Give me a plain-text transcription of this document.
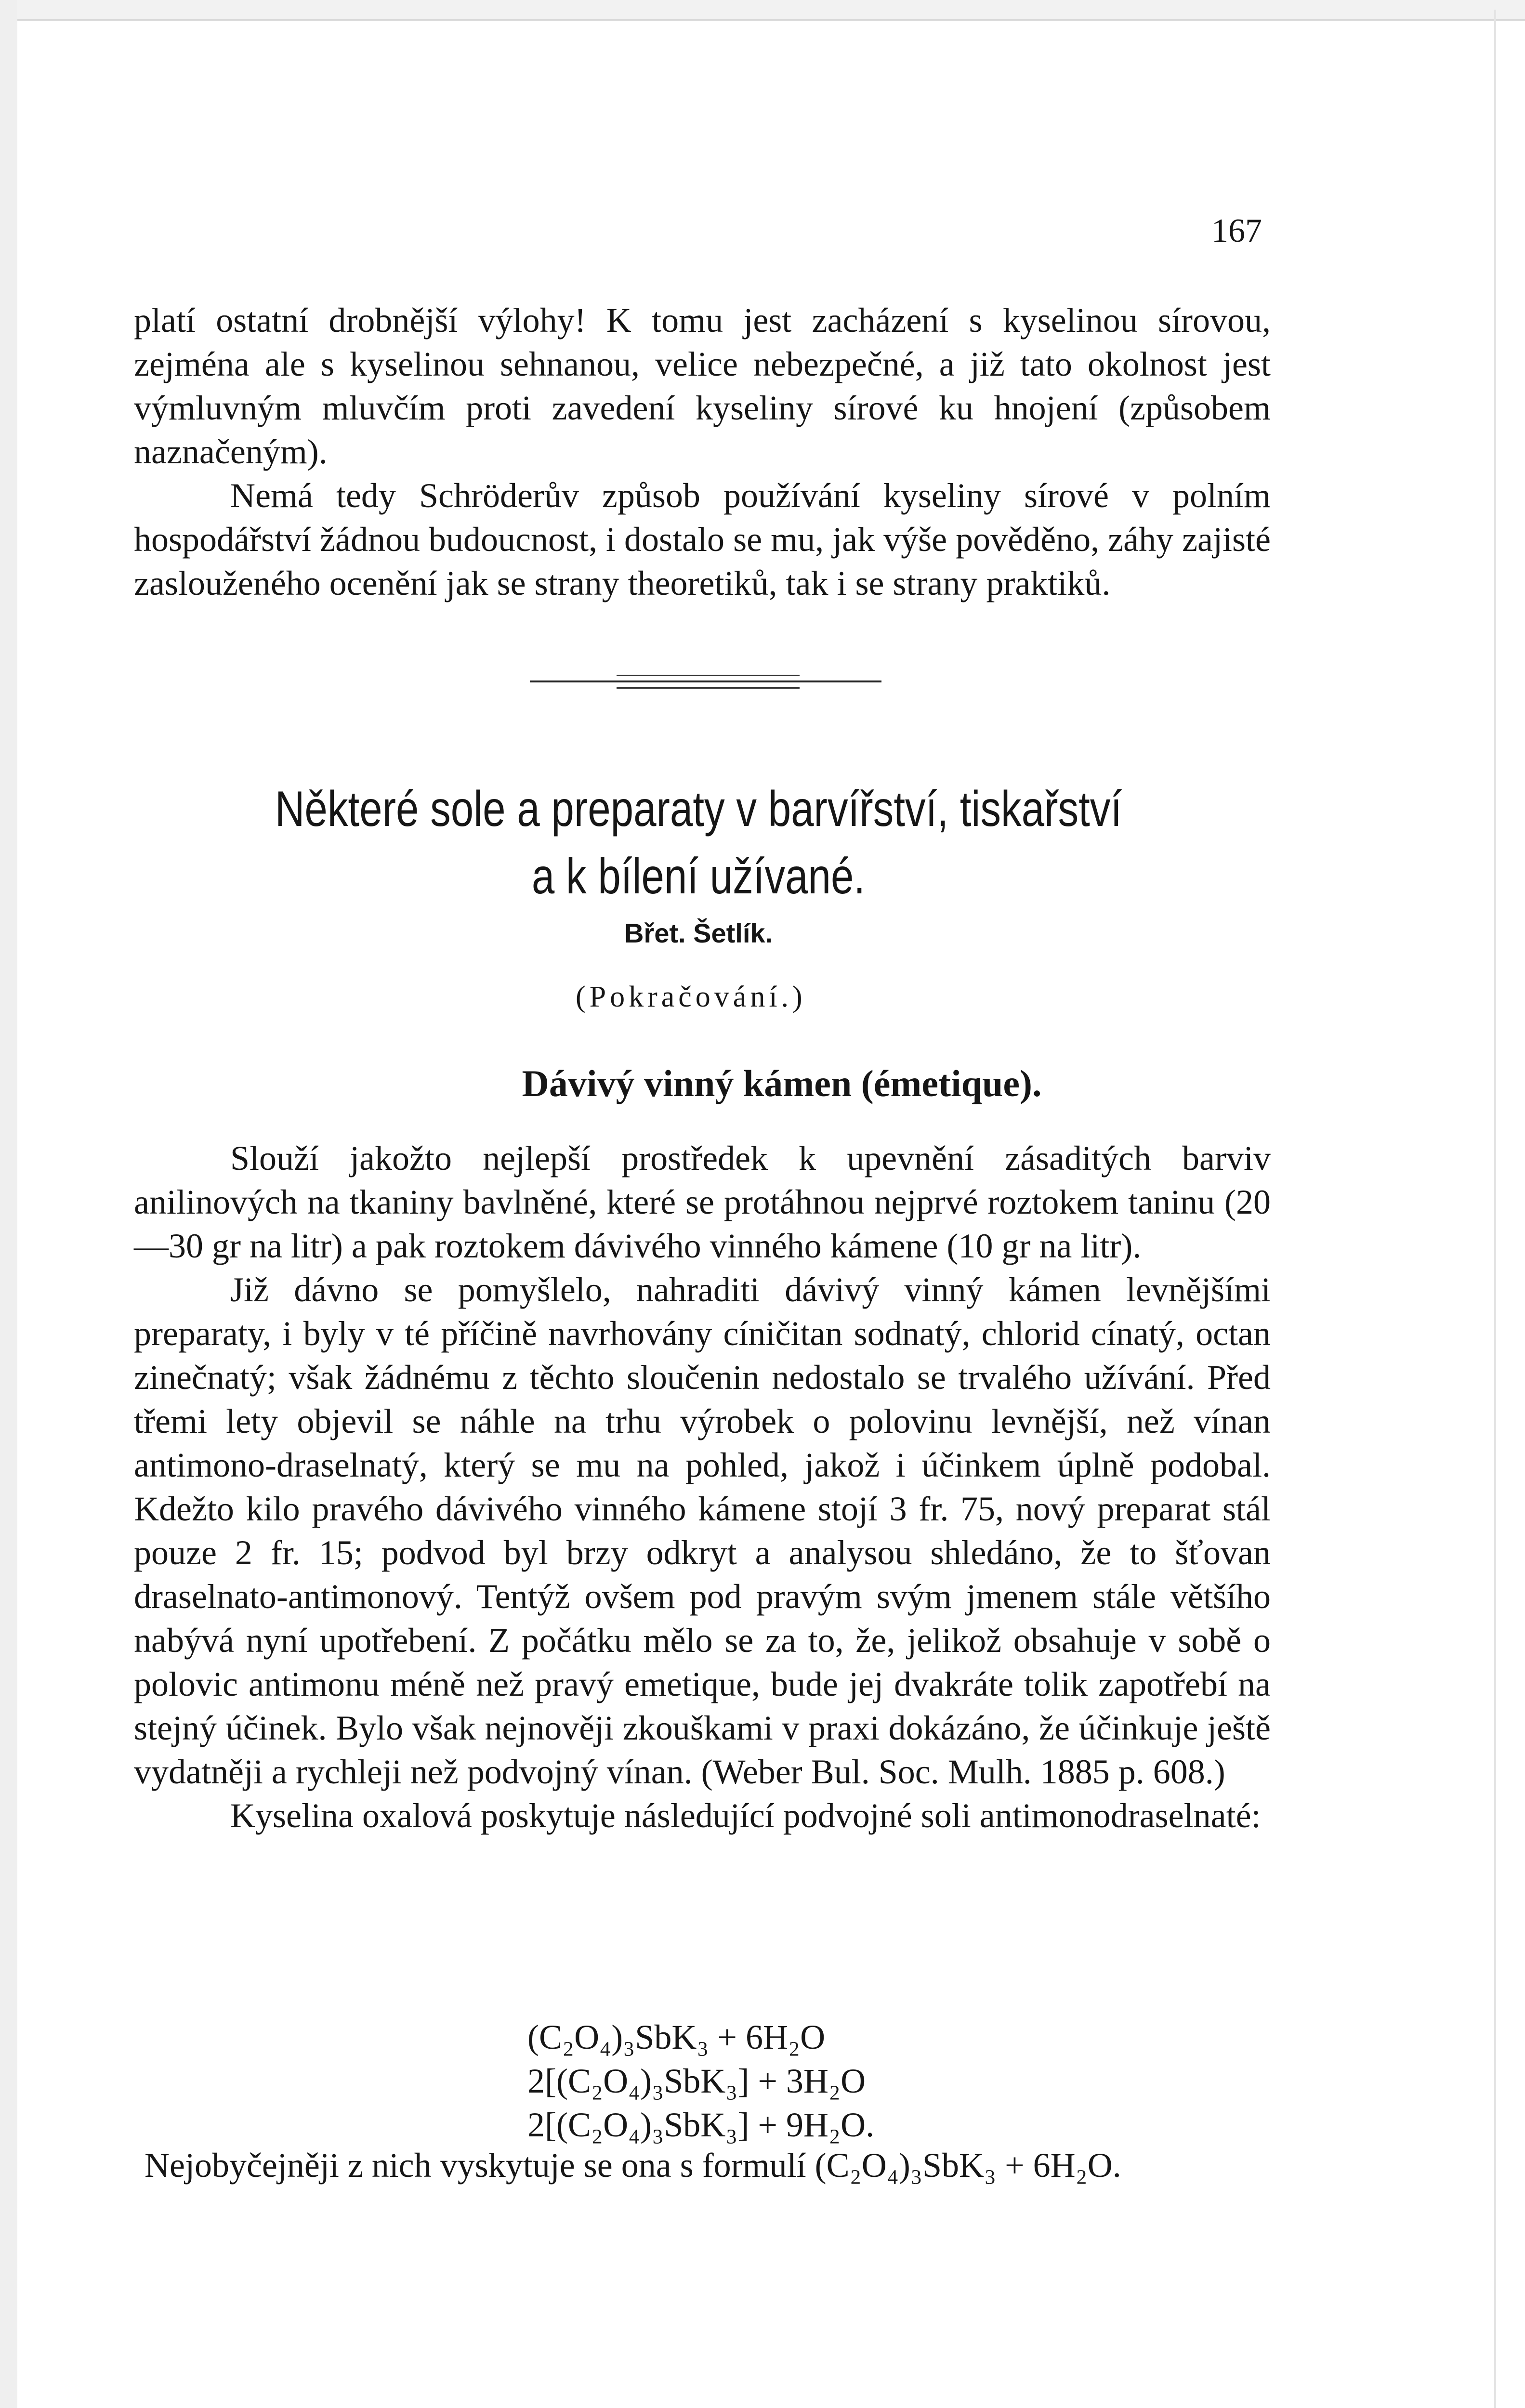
167

platí ostatní drobnější výlohy! K tomu jest zacházení s kyselinou sírovou, zejména ale s kyselinou sehnanou, velice nebezpečné, a již tato okolnost jest výmluvným mluvčím proti zavedení kyseliny sírové ku hnojení (způsobem naznačeným).

Nemá tedy Schröderův způsob používání kyseliny sírové v polním hospodářství žádnou budoucnost, i dostalo se mu, jak výše pověděno, záhy zajisté zaslouženého ocenění jak se strany theoretiků, tak i se strany praktiků.

Některé sole a preparaty v barvířství, tiskařství

a k bílení užívané.

Břet. Šetlík.
(Pokračování.)
Dávivý vinný kámen (émetique).

Slouží jakožto nejlepší prostředek k upevnění zásaditých barviv anilinových na tkaniny bavlněné, které se protáhnou nejprvé roztokem taninu (20—30 gr na litr) a pak roztokem dávivého vinného kámene (10 gr na litr).

Již dávno se pomyšlelo, nahraditi dávivý vinný kámen levnějšími preparaty, i byly v té příčině navrhovány cíničitan sodnatý, chlorid cínatý, octan zinečnatý; však žádnému z těchto sloučenin nedostalo se trvalého užívání. Před třemi lety objevil se náhle na trhu výrobek o polovinu levnější, než vínan antimono-draselnatý, který se mu na pohled, jakož i účinkem úplně podobal. Kdežto kilo pravého dávivého vinného kámene stojí 3 fr. 75, nový preparat stál pouze 2 fr. 15; podvod byl brzy odkryt a analysou shledáno, že to šťovan draselnato-antimonový. Tentýž ovšem pod pravým svým jmenem stále většího nabývá nyní upotřebení. Z počátku mělo se za to, že, jelikož obsahuje v sobě o polovic antimonu méně než pravý emetique, bude jej dvakráte tolik zapotřebí na stejný účinek. Bylo však nejnověji zkouškami v praxi dokázáno, že účinkuje ještě vydatněji a rychleji než podvojný vínan. (Weber Bul. Soc. Mulh. 1885 p. 608.)

Kyselina oxalová poskytuje následující podvojné soli antimonodraselnaté:

(C₂O₄)₃SbK₃ + 6H₂O
2[(C₂O₄)₃SbK₃] + 3H₂O
2[(C₂O₄)₃SbK₃] + 9H₂O.
Nejobyčejněji z nich vyskytuje se ona s formulí (C₂O₄)₃SbK₃ + 6H₂O.
